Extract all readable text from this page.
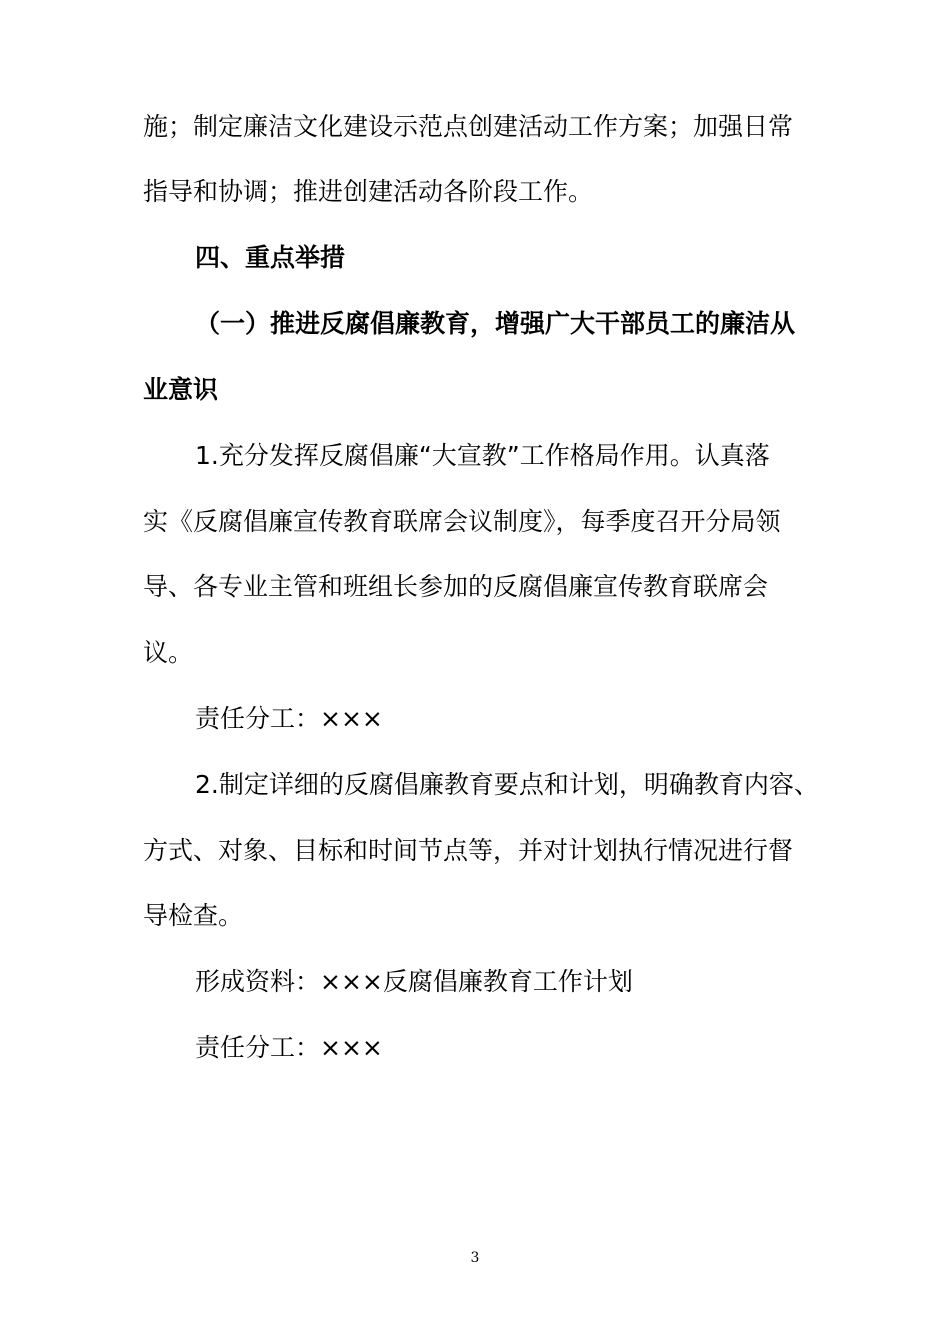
施；制定廉洁文化建设示范点创建活动工作方案；加强日常
指导和协调；推进创建活动各阶段工作。
四、重点举措
（一）推进反腐倡廉教育，增强广大干部员工的廉洁从
业意识
1.充分发挥反腐倡廉“大宣教”工作格局作用。认真落
实《反腐倡廉宣传教育联席会议制度》，每季度召开分局领
导、各专业主管和班组长参加的反腐倡廉宣传教育联席会
议。
责任分工：×××
2.制定详细的反腐倡廉教育要点和计划，明确教育内容、
方式、对象、目标和时间节点等，并对计划执行情况进行督
导检查。
形成资料：×××反腐倡廉教育工作计划
责任分工：×××
3
